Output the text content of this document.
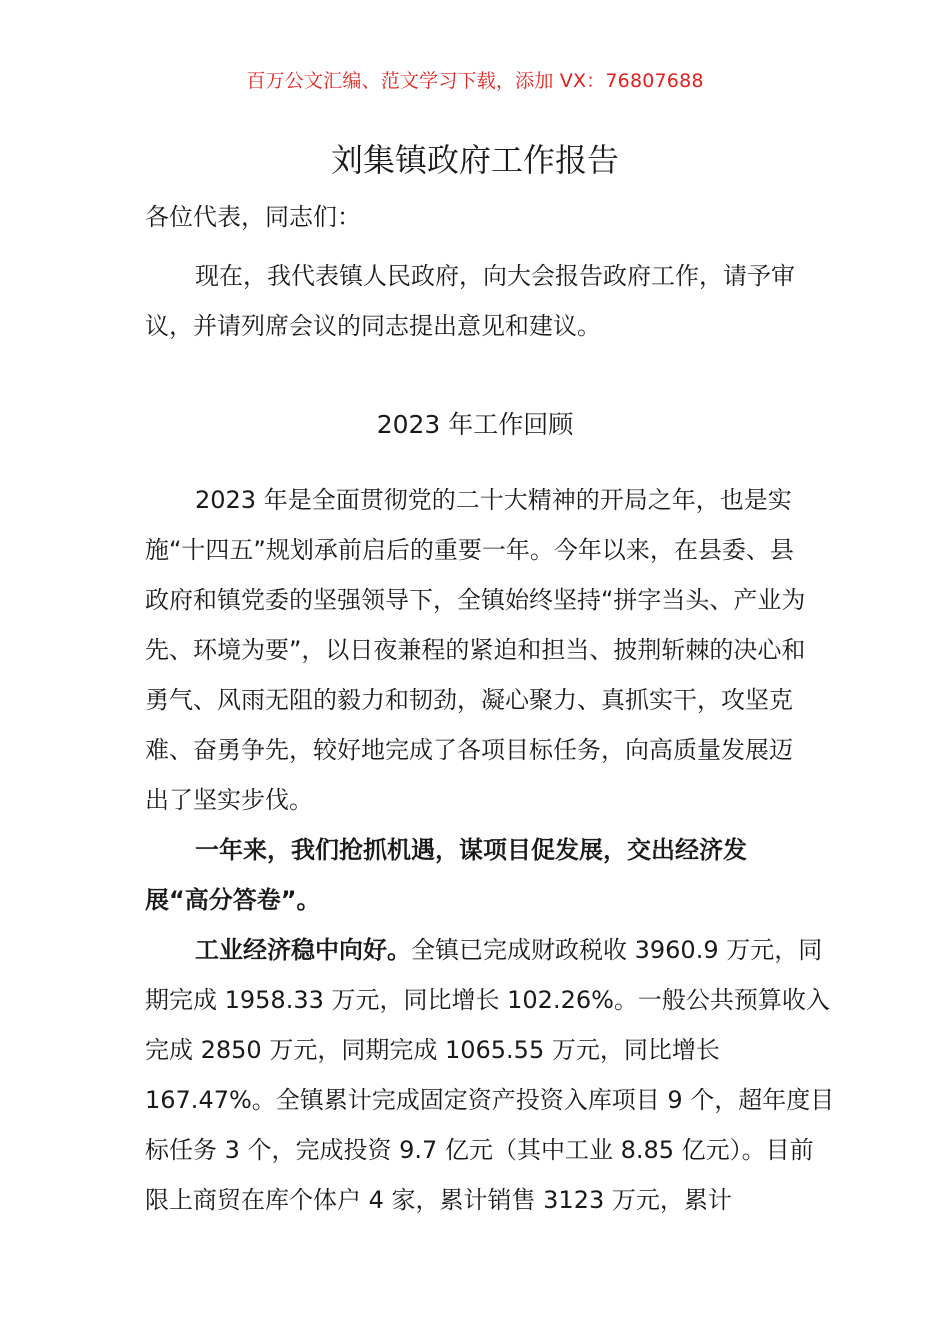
百万公文汇编、范文学习下载，添加 VX：76807688
刘集镇政府工作报告
各位代表，同志们：
现在，我代表镇人民政府，向大会报告政府工作，请予审议，并请列席会议的同志提出意见和建议。
2023 年工作回顾
2023 年是全面贯彻党的二十大精神的开局之年，也是实施“十四五”规划承前启后的重要一年。今年以来，在县委、县政府和镇党委的坚强领导下，全镇始终坚持“拼字当头、产业为先、环境为要”，以日夜兼程的紧迫和担当、披荆斩棘的决心和勇气、风雨无阻的毅力和韧劲，凝心聚力、真抓实干，攻坚克难、奋勇争先，较好地完成了各项目标任务，向高质量发展迈出了坚实步伐。
一年来，我们抢抓机遇，谋项目促发展，交出经济发展“高分答卷”。
工业经济稳中向好。全镇已完成财政税收 3960.9 万元，同期完成 1958.33 万元，同比增长 102.26%。一般公共预算收入完成 2850 万元，同期完成 1065.55 万元，同比增长 167.47%。全镇累计完成固定资产投资入库项目 9 个，超年度目标任务 3 个，完成投资 9.7 亿元（其中工业 8.85 亿元）。目前限上商贸在库个体户 4 家，累计销售 3123 万元，累计
